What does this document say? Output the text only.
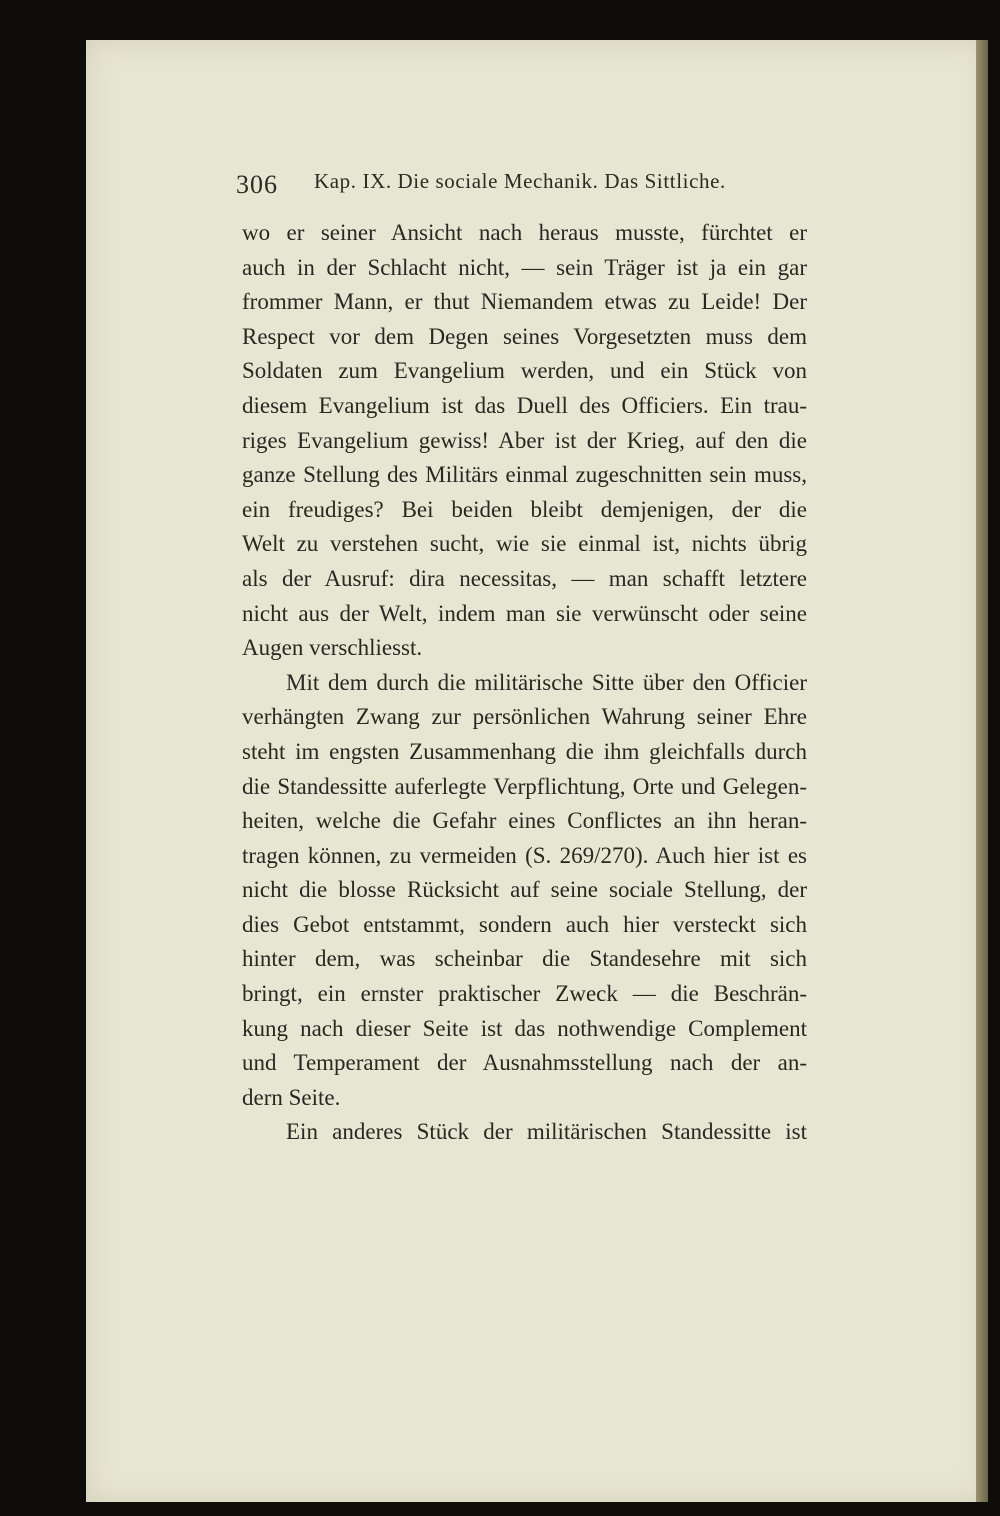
306 Kap. IX. Die sociale Mechanik. Das Sittliche.
wo er seiner Ansicht nach heraus musste, fürchtet er
auch in der Schlacht nicht, — sein Träger ist ja ein gar
frommer Mann, er thut Niemandem etwas zu Leide! Der
Respect vor dem Degen seines Vorgesetzten muss dem
Soldaten zum Evangelium werden, und ein Stück von
diesem Evangelium ist das Duell des Officiers. Ein trau-
riges Evangelium gewiss! Aber ist der Krieg, auf den die
ganze Stellung des Militärs einmal zugeschnitten sein muss,
ein freudiges? Bei beiden bleibt demjenigen, der die
Welt zu verstehen sucht, wie sie einmal ist, nichts übrig
als der Ausruf: dira necessitas, — man schafft letztere
nicht aus der Welt, indem man sie verwünscht oder seine
Augen verschliesst.
Mit dem durch die militärische Sitte über den Officier
verhängten Zwang zur persönlichen Wahrung seiner Ehre
steht im engsten Zusammenhang die ihm gleichfalls durch
die Standessitte auferlegte Verpflichtung, Orte und Gelegen-
heiten, welche die Gefahr eines Conflictes an ihn heran-
tragen können, zu vermeiden (S. 269/270). Auch hier ist es
nicht die blosse Rücksicht auf seine sociale Stellung, der
dies Gebot entstammt, sondern auch hier versteckt sich
hinter dem, was scheinbar die Standesehre mit sich
bringt, ein ernster praktischer Zweck — die Beschrän-
kung nach dieser Seite ist das nothwendige Complement
und Temperament der Ausnahmsstellung nach der an-
dern Seite.
Ein anderes Stück der militärischen Standessitte ist
